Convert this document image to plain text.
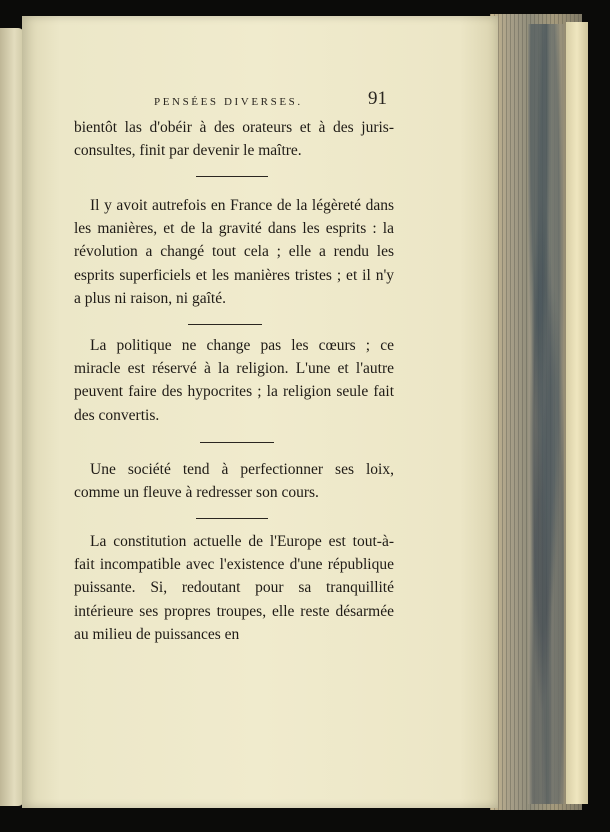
PENSÉES DIVERSES.	91
bientôt las d'obéir à des orateurs et à des juris-consultes, finit par devenir le maître.
Il y avoit autrefois en France de la légèreté dans les manières, et de la gravité dans les esprits : la révolution a changé tout cela ; elle a rendu les esprits superficiels et les manières tristes ; et il n'y a plus ni raison, ni gaîté.
La politique ne change pas les cœurs ; ce miracle est réservé à la religion. L'une et l'autre peuvent faire des hypocrites ; la religion seule fait des convertis.
Une société tend à perfectionner ses loix, comme un fleuve à redresser son cours.
La constitution actuelle de l'Europe est tout-à-fait incompatible avec l'existence d'une république puissante. Si, redoutant pour sa tranquillité intérieure ses propres troupes, elle reste désarmée au milieu de puissances en
